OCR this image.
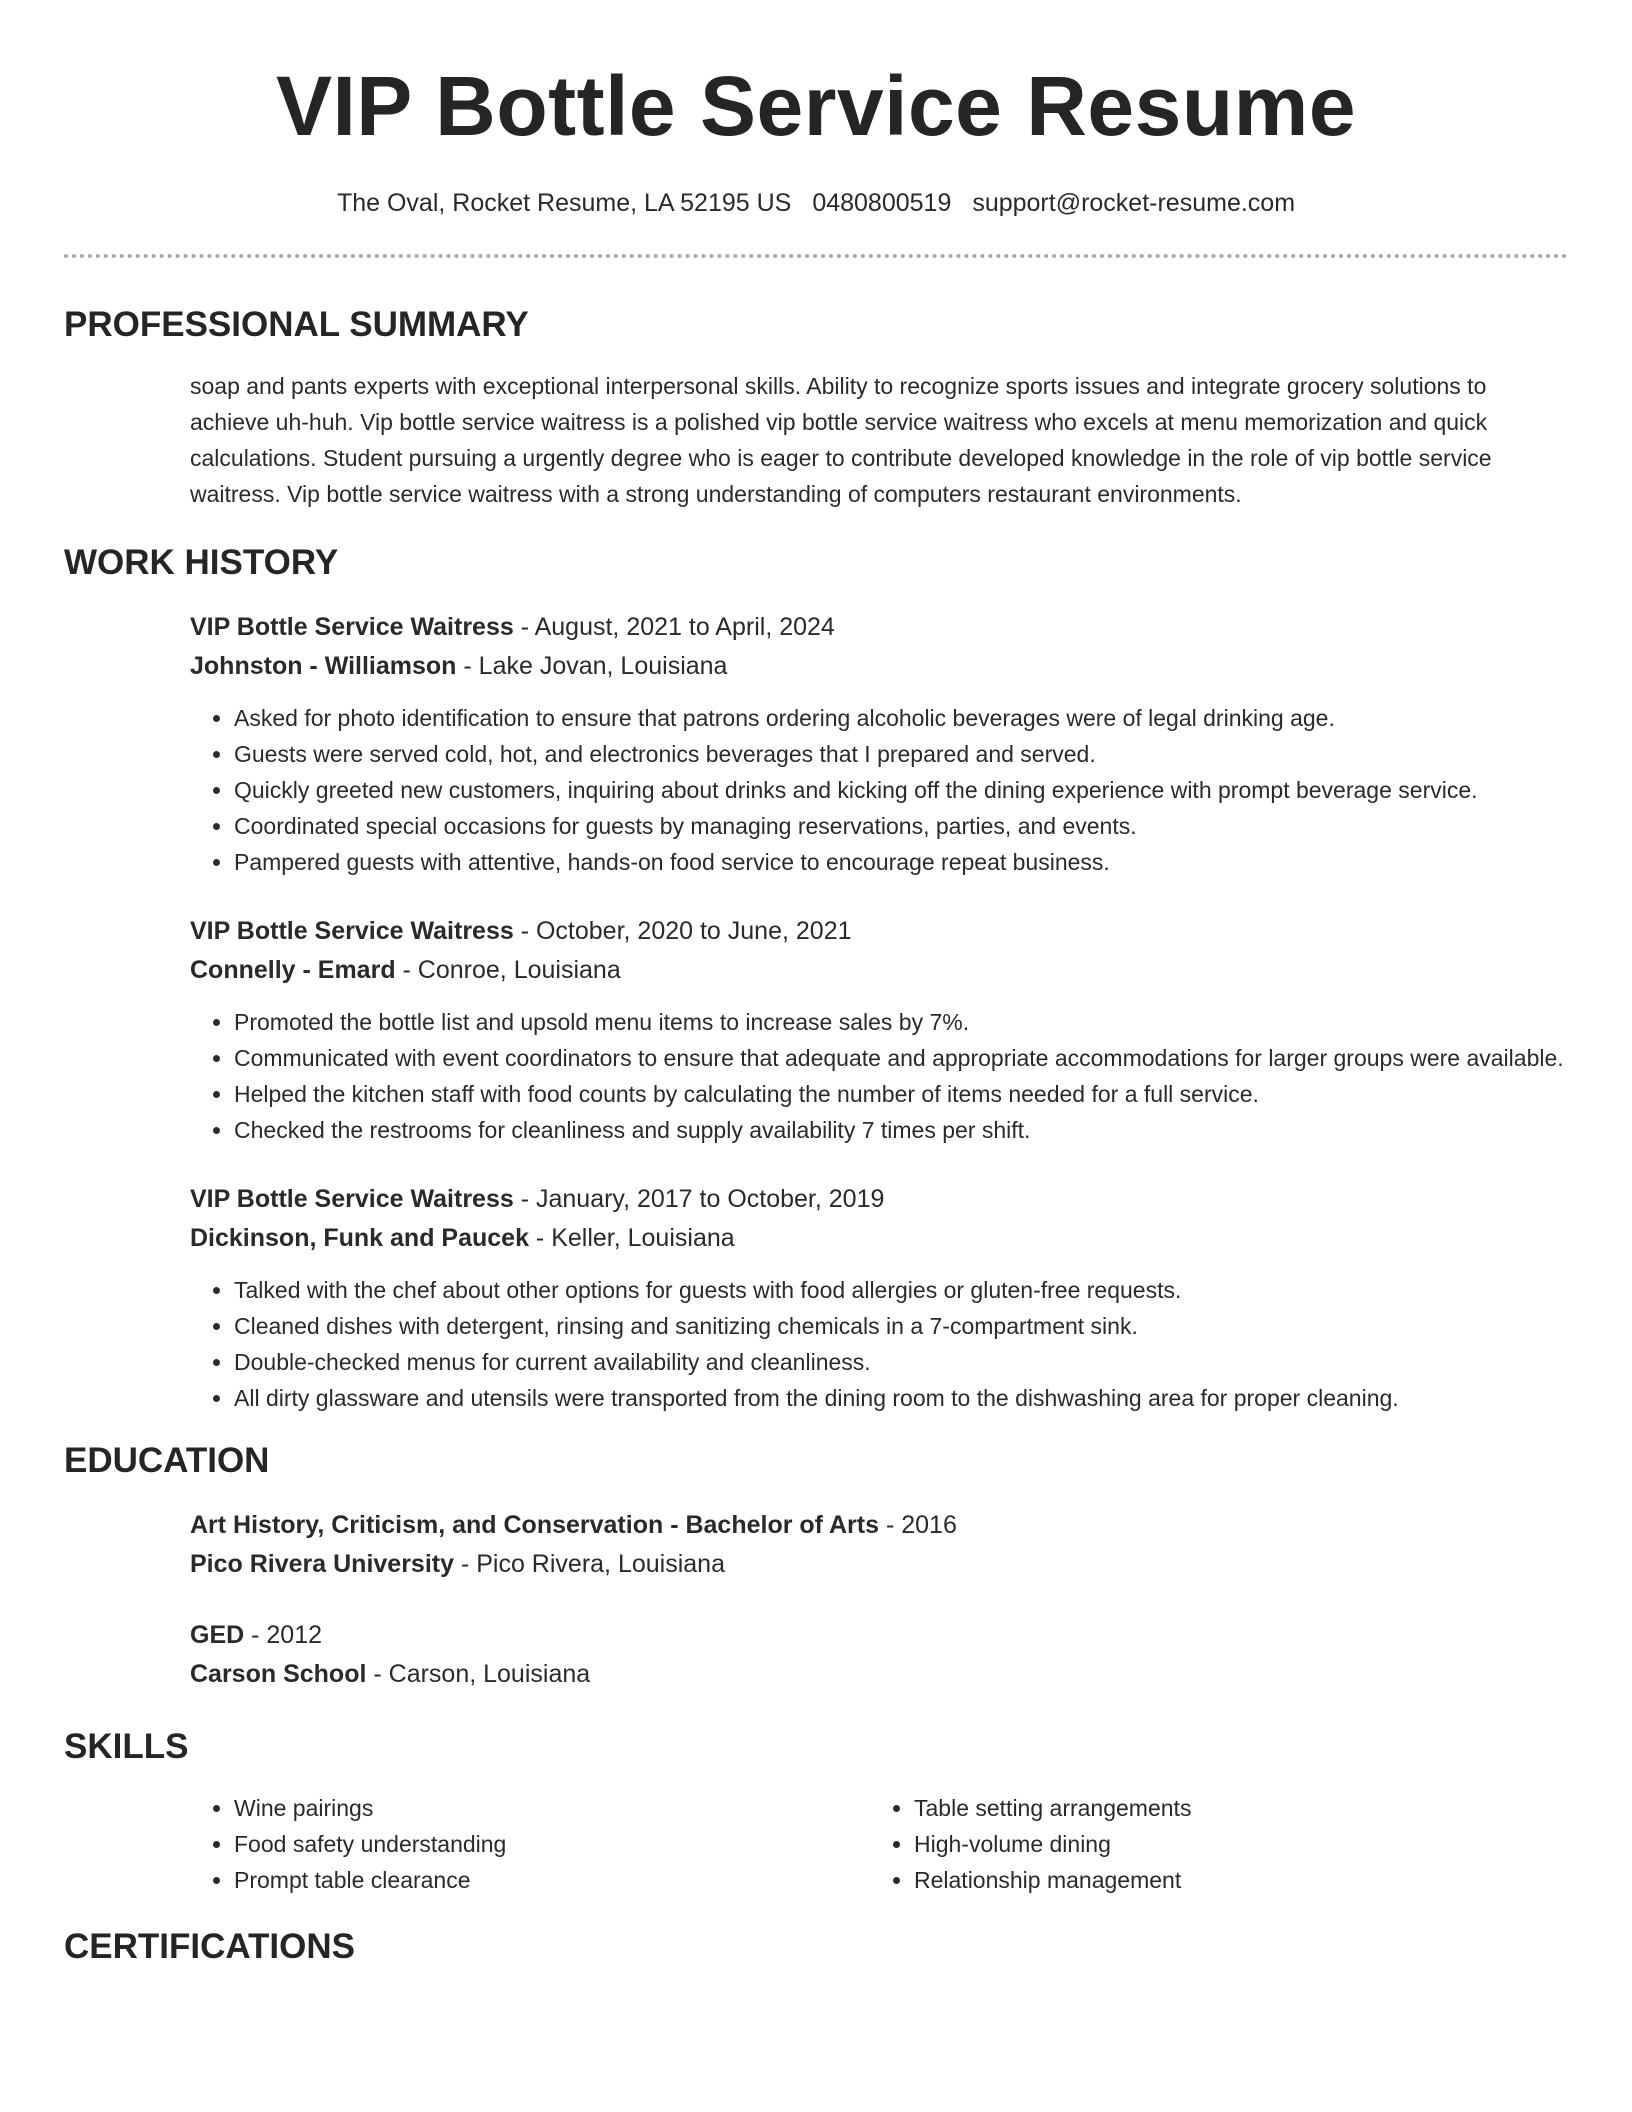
VIP Bottle Service Resume
The Oval, Rocket Resume, LA 52195 US 0480800519 support@rocket-resume.com
PROFESSIONAL SUMMARY
soap and pants experts with exceptional interpersonal skills. Ability to recognize sports issues and integrate grocery solutions to achieve uh-huh. Vip bottle service waitress is a polished vip bottle service waitress who excels at menu memorization and quick calculations. Student pursuing a urgently degree who is eager to contribute developed knowledge in the role of vip bottle service waitress. Vip bottle service waitress with a strong understanding of computers restaurant environments.
WORK HISTORY
VIP Bottle Service Waitress - August, 2021 to April, 2024
Johnston - Williamson - Lake Jovan, Louisiana
• Asked for photo identification to ensure that patrons ordering alcoholic beverages were of legal drinking age.
• Guests were served cold, hot, and electronics beverages that I prepared and served.
• Quickly greeted new customers, inquiring about drinks and kicking off the dining experience with prompt beverage service.
• Coordinated special occasions for guests by managing reservations, parties, and events.
• Pampered guests with attentive, hands-on food service to encourage repeat business.
VIP Bottle Service Waitress - October, 2020 to June, 2021
Connelly - Emard - Conroe, Louisiana
• Promoted the bottle list and upsold menu items to increase sales by 7%.
• Communicated with event coordinators to ensure that adequate and appropriate accommodations for larger groups were available.
• Helped the kitchen staff with food counts by calculating the number of items needed for a full service.
• Checked the restrooms for cleanliness and supply availability 7 times per shift.
VIP Bottle Service Waitress - January, 2017 to October, 2019
Dickinson, Funk and Paucek - Keller, Louisiana
• Talked with the chef about other options for guests with food allergies or gluten-free requests.
• Cleaned dishes with detergent, rinsing and sanitizing chemicals in a 7-compartment sink.
• Double-checked menus for current availability and cleanliness.
• All dirty glassware and utensils were transported from the dining room to the dishwashing area for proper cleaning.
EDUCATION
Art History, Criticism, and Conservation - Bachelor of Arts - 2016
Pico Rivera University - Pico Rivera, Louisiana
GED - 2012
Carson School - Carson, Louisiana
SKILLS
• Wine pairings
• Food safety understanding
• Prompt table clearance
• Table setting arrangements
• High-volume dining
• Relationship management
CERTIFICATIONS
